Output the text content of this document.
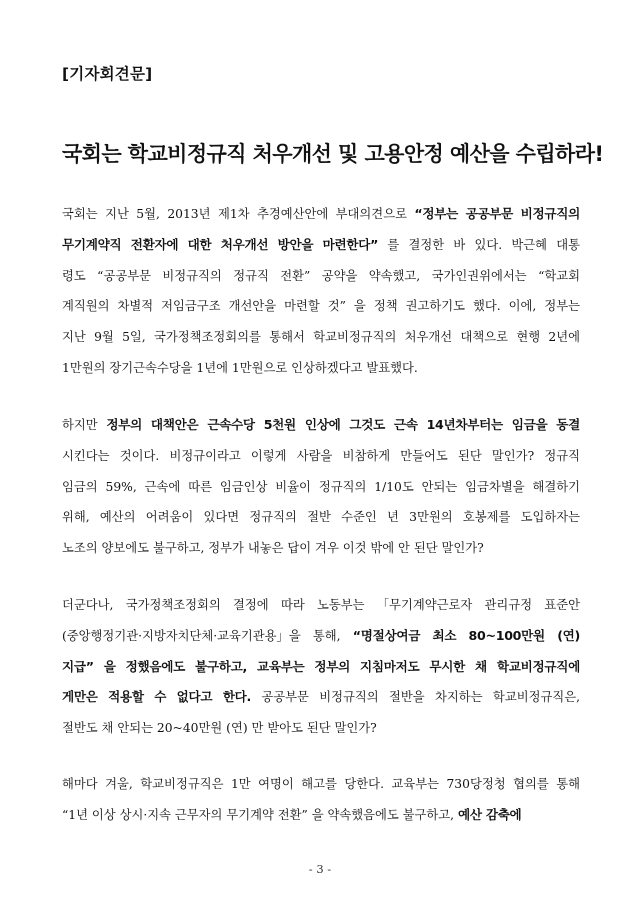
[기자회견문]
국회는 학교비정규직 처우개선 및 고용안정 예산을 수립하라!
국회는 지난 5월, 2013년 제1차 추경예산안에 부대의견으로 “정부는 공공부문 비정규직의
무기계약직 전환자에 대한 처우개선 방안을 마련한다” 를 결정한 바 있다. 박근혜 대통
령도 “공공부문 비정규직의 정규직 전환” 공약을 약속했고, 국가인권위에서는 “학교회
계직원의 차별적 저임금구조 개선안을 마련할 것” 을 정책 권고하기도 했다. 이에, 정부는
지난 9월 5일, 국가정책조정회의를 통해서 학교비정규직의 처우개선 대책으로 현행 2년에
1만원의 장기근속수당을 1년에 1만원으로 인상하겠다고 발표했다.
하지만 정부의 대책안은 근속수당 5천원 인상에 그것도 근속 14년차부터는 임금을 동결
시킨다는 것이다. 비정규이라고 이렇게 사람을 비참하게 만들어도 된단 말인가? 정규직
임금의 59%, 근속에 따른 임금인상 비율이 정규직의 1/10도 안되는 임금차별을 해결하기
위해, 예산의 어려움이 있다면 정규직의 절반 수준인 년 3만원의 호봉제를 도입하자는
노조의 양보에도 불구하고, 정부가 내놓은 답이 겨우 이것 밖에 안 된단 말인가?
더군다나, 국가정책조정회의 결정에 따라 노동부는 「무기계약근로자 관리규정 표준안
(중앙행정기관·지방자치단체·교육기관용」을 통해, “명절상여금 최소 80~100만원 (연)
지급” 을 정했음에도 불구하고, 교육부는 정부의 지침마저도 무시한 채 학교비정규직에
게만은 적용할 수 없다고 한다. 공공부문 비정규직의 절반을 차지하는 학교비정규직은,
절반도 채 안되는 20~40만원 (연) 만 받아도 된단 말인가?
해마다 겨울, 학교비정규직은 1만 여명이 해고를 당한다. 교육부는 730당정청 협의를 통해
“1년 이상 상시·지속 근무자의 무기계약 전환” 을 약속했음에도 불구하고, 예산 감축에
- 3 -
